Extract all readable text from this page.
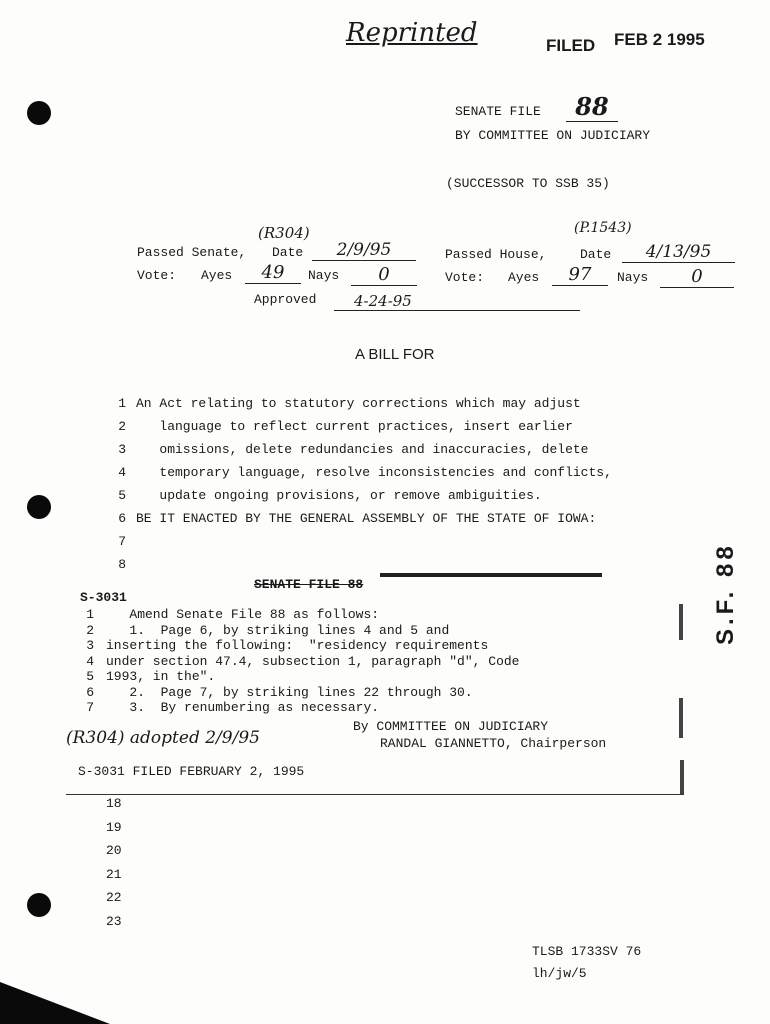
Reprinted	FILED FEB 2 1995
SENATE FILE	88
BY COMMITTEE ON JUDICIARY
(SUCCESSOR TO SSB 35)
(R304)
Passed Senate, Date	2/9/95
(P.1543)
Passed House,	Date	4/13/95
Vote: Ayes	49	Nays	0	Vote: Ayes	97	Nays	0
Approved	4-24-95
A BILL FOR
1 An Act relating to statutory corrections which may adjust
2 language to reflect current practices, insert earlier
3 omissions, delete redundancies and inaccuracies, delete
4 temporary language, resolve inconsistencies and conflicts,
5 update ongoing provisions, or remove ambiguities.
6 BE IT ENACTED BY THE GENERAL ASSEMBLY OF THE STATE OF IOWA:
7
8
SENATE FILE 88
S-3031
1 Amend Senate File 88 as follows:
2 1.  Page 6, by striking lines 4 and 5 and
3 inserting the following:  "residency requirements
4 under section 47.4, subsection 1, paragraph "d", Code
5 1993, in the".
6 2.  Page 7, by striking lines 22 through 30.
7 3.  By renumbering as necessary.
By COMMITTEE ON JUDICIARY
RANDAL GIANNETTO, Chairperson
(R304) adopted 2/9/95
S-3031 FILED FEBRUARY 2, 1995
18
19
20
21
22
23
S.F. 88
TLSB 1733SV 76
lh/jw/5
